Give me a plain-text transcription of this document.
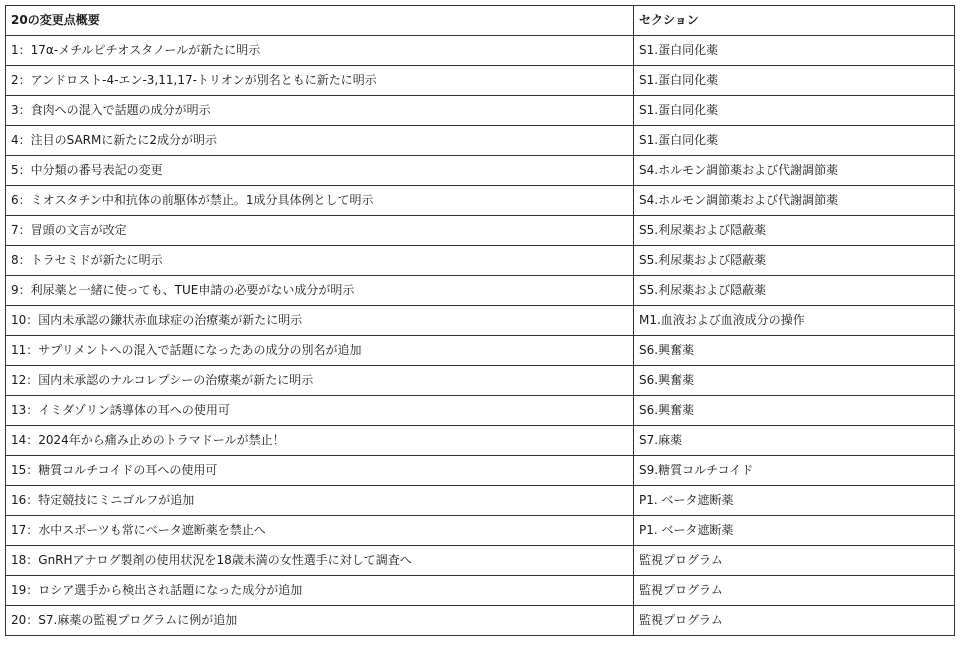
20の変更点概要	セクション
1：17α-メチルピチオスタノールが新たに明示	S1.蛋白同化薬
2：アンドロスト-4-エン-3,11,17-トリオンが別名ともに新たに明示	S1.蛋白同化薬
3：食肉への混入で話題の成分が明示	S1.蛋白同化薬
4：注目のSARMに新たに2成分が明示	S1.蛋白同化薬
5：中分類の番号表記の変更	S4.ホルモン調節薬および代謝調節薬
6：ミオスタチン中和抗体の前駆体が禁止。1成分具体例として明示	S4.ホルモン調節薬および代謝調節薬
7：冒頭の文言が改定	S5.利尿薬および隠蔽薬
8：トラセミドが新たに明示	S5.利尿薬および隠蔽薬
9：利尿薬と一緒に使っても、TUE申請の必要がない成分が明示	S5.利尿薬および隠蔽薬
10：国内未承認の鎌状赤血球症の治療薬が新たに明示	M1.血液および血液成分の操作
11：サプリメントへの混入で話題になったあの成分の別名が追加	S6.興奮薬
12：国内未承認のナルコレプシーの治療薬が新たに明示	S6.興奮薬
13：イミダゾリン誘導体の耳への使用可	S6.興奮薬
14：2024年から痛み止めのトラマドールが禁止！	S7.麻薬
15：糖質コルチコイドの耳への使用可	S9.糖質コルチコイド
16：特定競技にミニゴルフが追加	P1. ベータ遮断薬
17：水中スポーツも常にベータ遮断薬を禁止へ	P1. ベータ遮断薬
18：GnRHアナログ製剤の使用状況を18歳未満の女性選手に対して調査へ	監視プログラム
19：ロシア選手から検出され話題になった成分が追加	監視プログラム
20：S7.麻薬の監視プログラムに例が追加	監視プログラム
